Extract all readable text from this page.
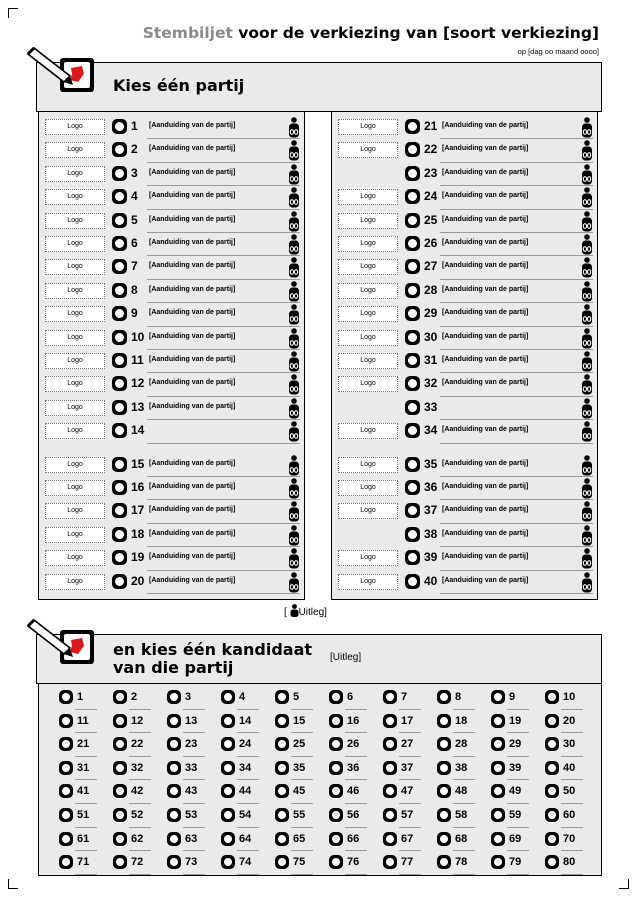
Stembiljet voor de verkiezing van [soort verkiezing]
op [dag oo maand oooo]
Kies één partij
Logo	1 [Aanduiding van de partij]
Logo	2 [Aanduiding van de partij]
Logo	3 [Aanduiding van de partij]
Logo	4 [Aanduiding van de partij]
Logo	5 [Aanduiding van de partij]
Logo	6 [Aanduiding van de partij]
Logo	7 [Aanduiding van de partij]
Logo	8 [Aanduiding van de partij]
Logo	9 [Aanduiding van de partij]
Logo	10 [Aanduiding van de partij]
Logo	11 [Aanduiding van de partij]
Logo	12 [Aanduiding van de partij]
Logo	13 [Aanduiding van de partij]
Logo	14
Logo	15 [Aanduiding van de partij]
Logo	16 [Aanduiding van de partij]
Logo	17 [Aanduiding van de partij]
Logo	18 [Aanduiding van de partij]
Logo	19 [Aanduiding van de partij]
Logo	20 [Aanduiding van de partij]
Logo	21 [Aanduiding van de partij]
Logo	22 [Aanduiding van de partij]
23 [Aanduiding van de partij]
Logo	24 [Aanduiding van de partij]
Logo	25 [Aanduiding van de partij]
Logo	26 [Aanduiding van de partij]
Logo	27 [Aanduiding van de partij]
Logo	28 [Aanduiding van de partij]
Logo	29 [Aanduiding van de partij]
Logo	30 [Aanduiding van de partij]
Logo	31 [Aanduiding van de partij]
Logo	32 [Aanduiding van de partij]
33
Logo	34 [Aanduiding van de partij]
Logo	35 [Aanduiding van de partij]
Logo	36 [Aanduiding van de partij]
Logo	37 [Aanduiding van de partij]
38 [Aanduiding van de partij]
Logo	39 [Aanduiding van de partij]
Logo	40 [Aanduiding van de partij]
[ Uitleg]
en kies één kandidaat
van die partij
[Uitleg]
1	2	3	4	5	6	7	8	9	10
11	12	13	14	15	16	17	18	19	20
21	22	23	24	25	26	27	28	29	30
31	32	33	34	35	36	37	38	39	40
41	42	43	44	45	46	47	48	49	50
51	52	53	54	55	56	57	58	59	60
61	62	63	64	65	66	67	68	69	70
71	72	73	74	75	76	77	78	79	80
